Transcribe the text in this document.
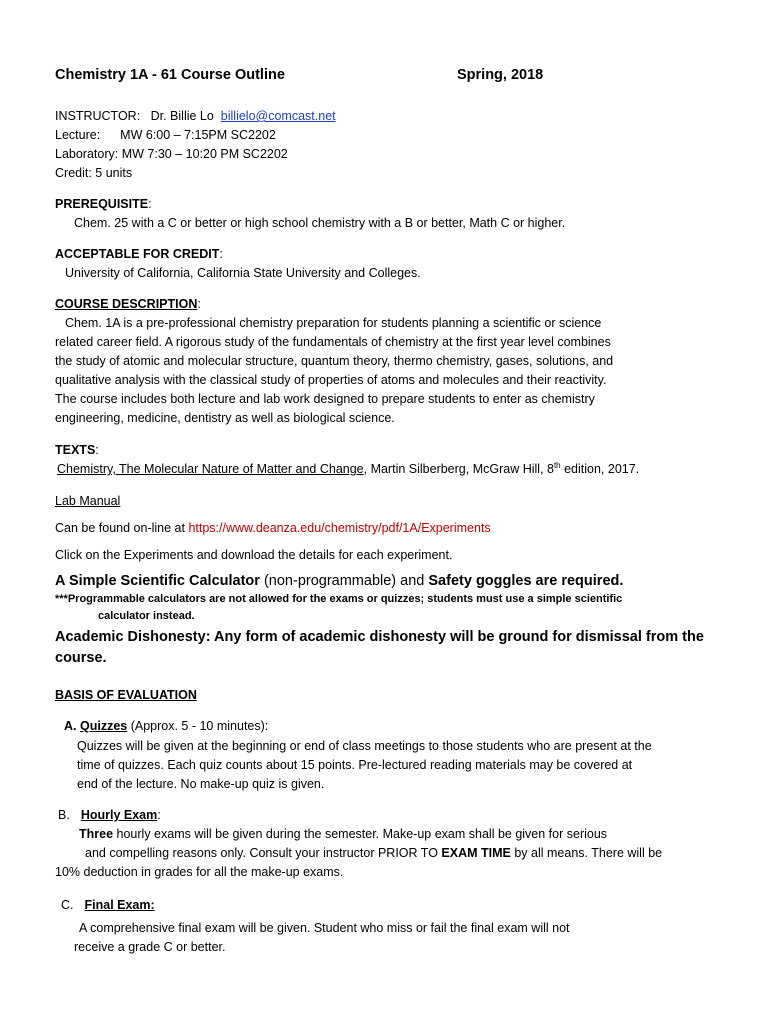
Chemistry 1A - 61 Course Outline	Spring, 2018
INSTRUCTOR: Dr. Billie Lo billielo@comcast.net
Lecture: MW 6:00 – 7:15PM SC2202
Laboratory: MW 7:30 – 10:20 PM SC2202
Credit: 5 units
PREREQUISITE:
Chem. 25 with a C or better or high school chemistry with a B or better, Math C or higher.
ACCEPTABLE FOR CREDIT:
University of California, California State University and Colleges.
COURSE DESCRIPTION:
Chem. 1A is a pre-professional chemistry preparation for students planning a scientific or science
related career field. A rigorous study of the fundamentals of chemistry at the first year level combines
the study of atomic and molecular structure, quantum theory, thermo chemistry, gases, solutions, and
qualitative analysis with the classical study of properties of atoms and molecules and their reactivity.
The course includes both lecture and lab work designed to prepare students to enter as chemistry
engineering, medicine, dentistry as well as biological science.
TEXTS:
Chemistry, The Molecular Nature of Matter and Change, Martin Silberberg, McGraw Hill, 8th edition, 2017.
Lab Manual
Can be found on-line at https://www.deanza.edu/chemistry/pdf/1A/Experiments
Click on the Experiments and download the details for each experiment.
A Simple Scientific Calculator (non-programmable) and Safety goggles are required.
***Programmable calculators are not allowed for the exams or quizzes; students must use a simple scientific
calculator instead.
Academic Dishonesty: Any form of academic dishonesty will be ground for dismissal from the
course.
BASIS OF EVALUATION
A. Quizzes (Approx. 5 - 10 minutes):
Quizzes will be given at the beginning or end of class meetings to those students who are present at the
time of quizzes. Each quiz counts about 15 points. Pre-lectured reading materials may be covered at
end of the lecture. No make-up quiz is given.
B. Hourly Exam:
Three hourly exams will be given during the semester. Make-up exam shall be given for serious
and compelling reasons only. Consult your instructor PRIOR TO EXAM TIME by all means. There will be
10% deduction in grades for all the make-up exams.
C. Final Exam:
A comprehensive final exam will be given. Student who miss or fail the final exam will not
receive a grade C or better.
